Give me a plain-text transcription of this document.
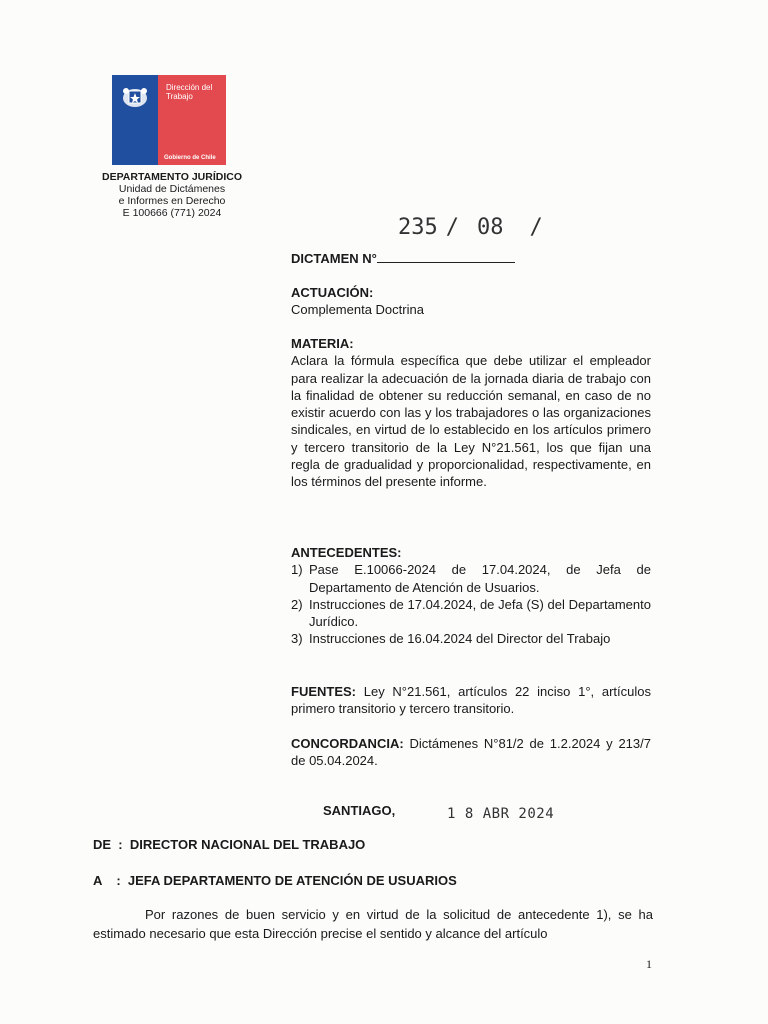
Dirección del
Trabajo
Gobierno de Chile
DEPARTAMENTO JURÍDICO
Unidad de Dictámenes
e Informes en Derecho
E 100666 (771) 2024
235 / 08 /
DICTAMEN N°
ACTUACIÓN:
Complementa Doctrina
MATERIA:
Aclara la fórmula específica que debe utilizar el empleador para realizar la adecuación de la jornada diaria de trabajo con la finalidad de obtener su reducción semanal, en caso de no existir acuerdo con las y los trabajadores o las organizaciones sindicales, en virtud de lo establecido en los artículos primero y tercero transitorio de la Ley N°21.561, los que fijan una regla de gradualidad y proporcionalidad, respectivamente, en los términos del presente informe.
ANTECEDENTES:
1) Pase E.10066-2024 de 17.04.2024, de Jefa de Departamento de Atención de Usuarios.
2) Instrucciones de 17.04.2024, de Jefa (S) del Departamento Jurídico.
3) Instrucciones de 16.04.2024 del Director del Trabajo
FUENTES: Ley N°21.561, artículos 22 inciso 1°, artículos primero transitorio y tercero transitorio.
CONCORDANCIA: Dictámenes N°81/2 de 1.2.2024 y 213/7 de 05.04.2024.
SANTIAGO,	1 8 ABR 2024
DE  :  DIRECTOR NACIONAL DEL TRABAJO
A    :  JEFA DEPARTAMENTO DE ATENCIÓN DE USUARIOS
Por razones de buen servicio y en virtud de la solicitud de antecedente 1), se ha estimado necesario que esta Dirección precise el sentido y alcance del artículo
1
